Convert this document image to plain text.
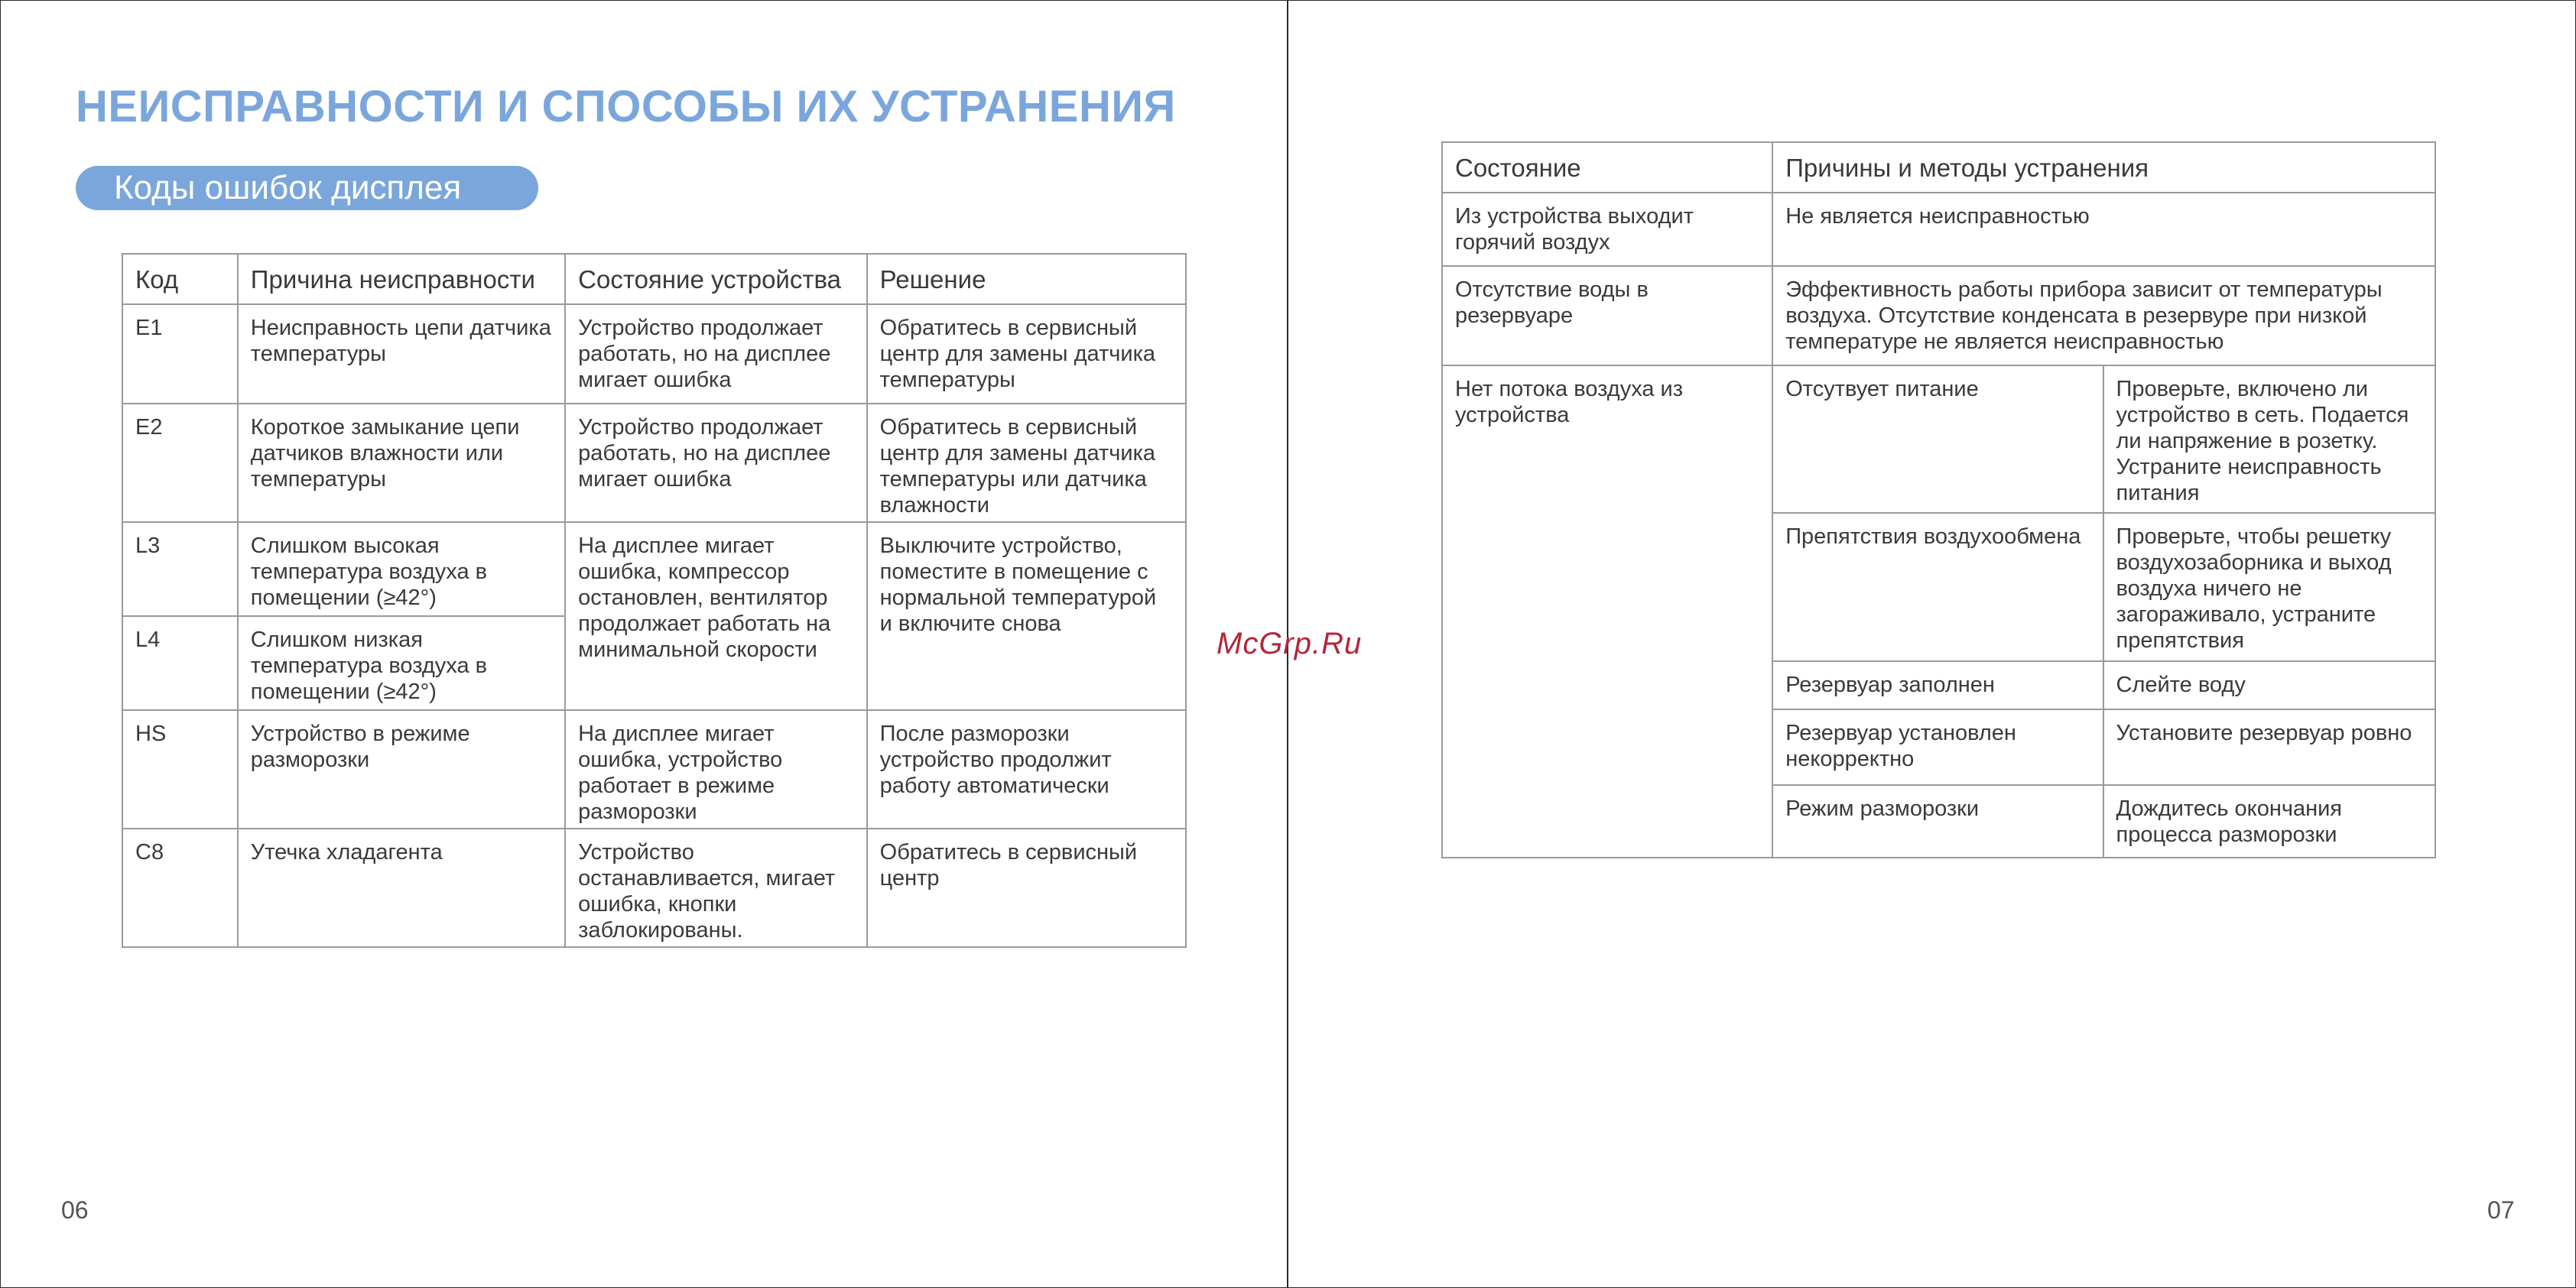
НЕИСПРАВНОСТИ И СПОСОБЫ ИХ УСТРАНЕНИЯ
Коды ошибок дисплея
Код	Причина неисправности	Состояние устройства	Решение
E1	Неисправность цепи датчика температуры	Устройство продолжает работать, но на дисплее мигает ошибка	Обратитесь в сервисный центр для замены датчика температуры
E2	Короткое замыкание цепи датчиков влажности или температуры	Устройство продолжает работать, но на дисплее мигает ошибка	Обратитесь в сервисный центр для замены датчика температуры или датчика влажности
L3	Слишком высокая температура воздуха в помещении (≥42°)	На дисплее мигает ошибка, компрессор остановлен, вентилятор продолжает работать на минимальной скорости	Выключите устройство, поместите в помещение с нормальной температурой и включите снова
L4	Слишком низкая температура воздуха в помещении (≥42°)		
HS	Устройство в режиме разморозки	На дисплее мигает ошибка, устройство работает в режиме разморозки	После разморозки устройство продолжит работу автоматически
C8	Утечка хладагента	Устройство останавливается, мигает ошибка, кнопки заблокированы.	Обратитесь в сервисный центр
06
McGrp.Ru
Состояние	Причины и методы устранения	
Из устройства выходит горячий воздух	Не является неисправностью	
Отсутствие воды в резервуаре	Эффективность работы прибора зависит от температуры воздуха. Отсутствие конденсата в резервуре при низкой температуре не является неисправностью	
Нет потока воздуха из устройства	Отсутвует питание	Проверьте, включено ли устройство в сеть. Подается ли напряжение в розетку. Устраните неисправность питания
	Препятствия воздухообмена	Проверьте, чтобы решетку воздухозаборника и выход воздуха ничего не загораживало, устраните препятствия
	Резервуар заполнен	Слейте воду
	Резервуар установлен некорректно	Установите резервуар ровно
	Режим разморозки	Дождитесь окончания процесса разморозки
07
